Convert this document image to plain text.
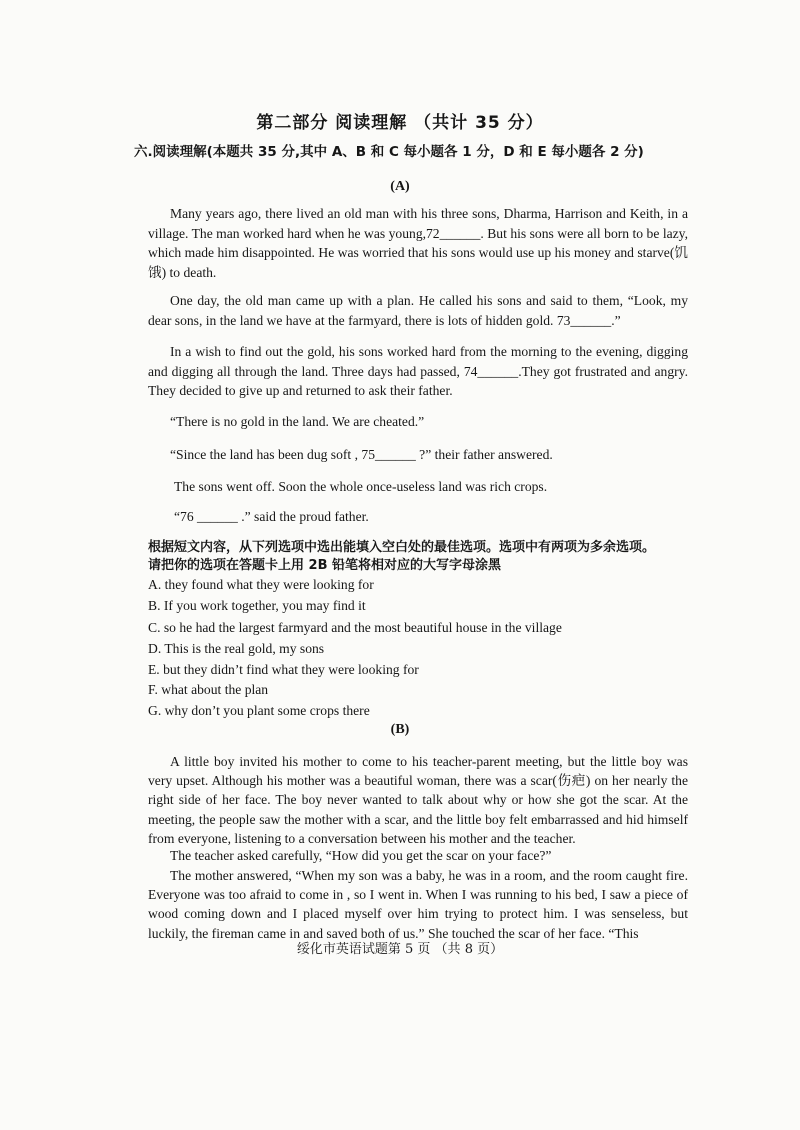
第二部分 阅读理解 （共计 35 分）
六.阅读理解(本题共 35 分,其中 A、B 和 C 每小题各 1 分，D 和 E 每小题各 2 分)
(A)
Many years ago, there lived an old man with his three sons, Dharma, Harrison and Keith, in a village. The man worked hard when he was young,72______. But his sons were all born to be lazy, which made him disappointed. He was worried that his sons would use up his money and starve(饥饿) to death.
One day, the old man came up with a plan. He called his sons and said to them, “Look, my dear sons, in the land we have at the farmyard, there is lots of hidden gold. 73______.”
In a wish to find out the gold, his sons worked hard from the morning to the evening, digging and digging all through the land. Three days had passed, 74______.They got frustrated and angry. They decided to give up and returned to ask their father.
“There is no gold in the land. We are cheated.”
“Since the land has been dug soft , 75______ ?” their father answered.
The sons went off. Soon the whole once-useless land was rich crops.
“76 ______ .” said the proud father.
根据短文内容，从下列选项中选出能填入空白处的最佳选项。选项中有两项为多余选项。
请把你的选项在答题卡上用 2B 铅笔将相对应的大写字母涂黑
A. they found what they were looking for
B. If you work together, you may find it
C. so he had the largest farmyard and the most beautiful house in the village
D. This is the real gold, my sons
E. but they didn’t find what they were looking for
F. what about the plan
G. why don’t you plant some crops there
(B)
A little boy invited his mother to come to his teacher-parent meeting, but the little boy was very upset. Although his mother was a beautiful woman, there was a scar(伤疤) on her nearly the right side of her face. The boy never wanted to talk about why or how she got the scar. At the meeting, the people saw the mother with a scar, and the little boy felt embarrassed and hid himself from everyone, listening to a conversation between his mother and the teacher.
The teacher asked carefully, “How did you get the scar on your face?”
The mother answered, “When my son was a baby, he was in a room, and the room caught fire. Everyone was too afraid to come in , so I went in. When I was running to his bed, I saw a piece of wood coming down and I placed myself over him trying to protect him. I was senseless, but luckily, the fireman came in and saved both of us.” She touched the scar of her face. “This
绥化市英语试题第 5 页 （共 8 页）
